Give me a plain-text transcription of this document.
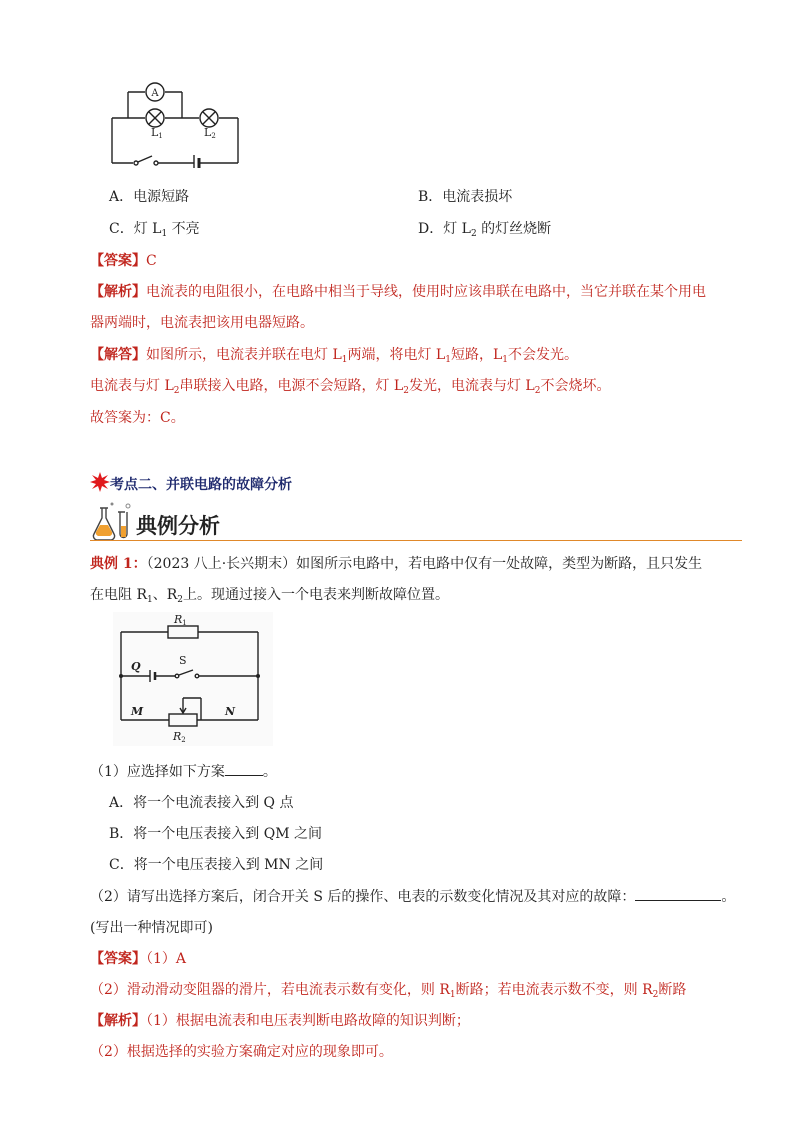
A
L1	L2
A．电源短路	B．电流表损坏
C．灯 $L_1$ 不亮	D．灯 $L_2$ 的灯丝烧断
【答案】C
【解析】电流表的电阻很小，在电路中相当于导线，使用时应该串联在电路中，当它并联在某个用电
器两端时，电流表把该用电器短路。
【解答】如图所示，电流表并联在电灯 $L_1$两端，将电灯 $L_1$短路，$L_1$不会发光。
电流表与灯 $L_2$串联接入电路，电源不会短路，灯 $L_2$发光，电流表与灯 $L_2$不会烧坏。
故答案为：C。
考点二、并联电路的故障分析
典例分析
典例 1：（2023 八上·长兴期末）如图所示电路中，若电路中仅有一处故障，类型为断路，且只发生
在电阻 $R_1$、$R_2$上。现通过接入一个电表来判断故障位置。
R1
Q	S
M	N
R2
（1）应选择如下方案	。
A．将一个电流表接入到 Q 点
B．将一个电压表接入到 QM 之间
C．将一个电压表接入到 MN 之间
（2）请写出选择方案后，闭合开关 S 后的操作、电表的示数变化情况及其对应的故障：	。
(写出一种情况即可)
【答案】（1）A
（2）滑动滑动变阻器的滑片，若电流表示数有变化，则 $R_1$断路；若电流表示数不变，则 $R_2$断路
【解析】（1）根据电流表和电压表判断电路故障的知识判断；
（2）根据选择的实验方案确定对应的现象即可。
